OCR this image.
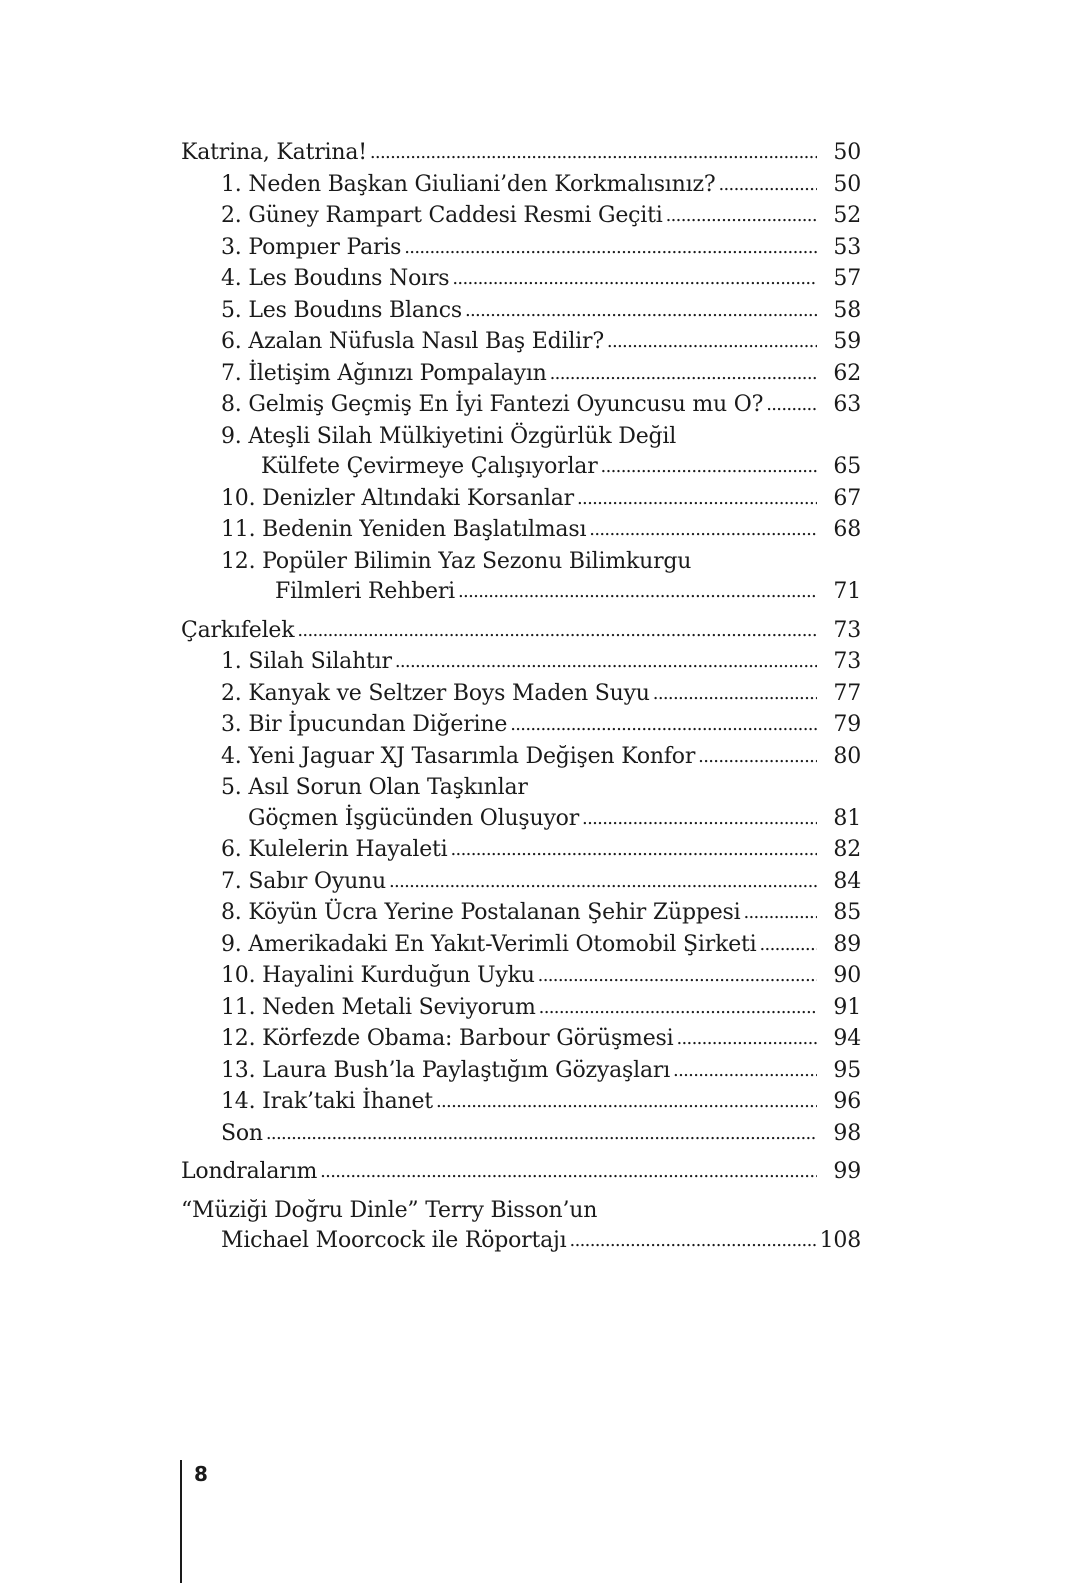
Katrina, Katrina! . . .	50
1. Neden Başkan Giuliani’den Korkmalısınız? . . .	50
2. Güney Rampart Caddesi Resmi Geçiti . . .	52
3. Pompıer Paris . . .	53
4. Les Boudıns Noırs . . .	57
5. Les Boudıns Blancs . . .	58
6. Azalan Nüfusla Nasıl Baş Edilir? . . .	59
7. İletişim Ağınızı Pompalayın . . .	62
8. Gelmiş Geçmiş En İyi Fantezi Oyuncusu mu O? . . .	63
9. Ateşli Silah Mülkiyetini Özgürlük Değil
Külfete Çevirmeye Çalışıyorlar . . .	65
10. Denizler Altındaki Korsanlar . . .	67
11. Bedenin Yeniden Başlatılması . . .	68
12. Popüler Bilimin Yaz Sezonu Bilimkurgu
Filmleri Rehberi . . .	71
Çarkıfelek . . .	73
1. Silah Silahtır . . .	73
2. Kanyak ve Seltzer Boys Maden Suyu . . .	77
3. Bir İpucundan Diğerine . . .	79
4. Yeni Jaguar XJ Tasarımla Değişen Konfor . . .	80
5. Asıl Sorun Olan Taşkınlar
Göçmen İşgücünden Oluşuyor . . .	81
6. Kulelerin Hayaleti . . .	82
7. Sabır Oyunu . . .	84
8. Köyün Ücra Yerine Postalanan Şehir Züppesi . . .	85
9. Amerikadaki En Yakıt-Verimli Otomobil Şirketi . . .	89
10. Hayalini Kurduğun Uyku . . .	90
11. Neden Metali Seviyorum . . .	91
12. Körfezde Obama: Barbour Görüşmesi . . .	94
13. Laura Bush’la Paylaştığım Gözyaşları . . .	95
14. Irak’taki İhanet . . .	96
Son . . .	98
Londralarım . . .	99
“Müziği Doğru Dinle” Terry Bisson’un
Michael Moorcock ile Röportajı . . .	108
8
